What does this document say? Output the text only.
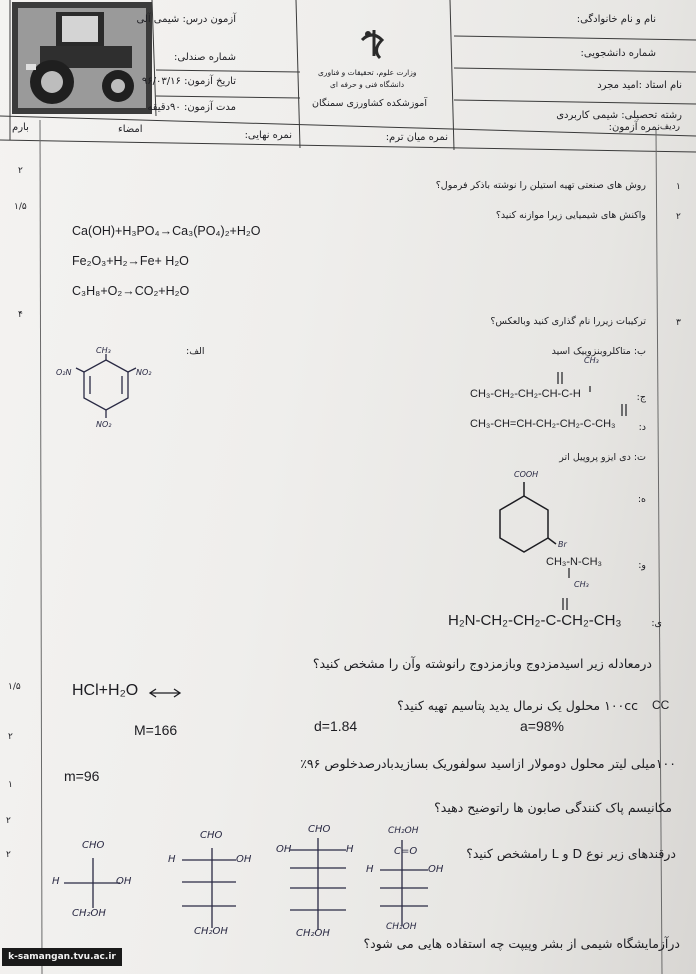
نام و نام خانوادگی:
شماره دانشجویی:
نام استاد :امید مجرد
رشته تحصیلی: شیمی کاربردی
آزمون درس: شیمی آلی
شماره صندلی:
تاریخ آزمون: ۹۶/۰۳/۱۶
مدت آزمون: ۹۰دقیقه
وزارت علوم، تحقیقات و فناوری
دانشگاه فنی و حرفه ای
آموزشکده کشاورزی سمنگان
ردیف
نمره آزمون:
نمره میان ترم:
نمره نهایی:
امضاء
بارم
۲
۱/۵
۴
۱/۵
۲
۱
۲
۲
۱
۲
۳
روش های صنعتی تهیه استیلن را نوشته باذکر فرمول؟
واکنش های شیمیایی زیرا موازنه کنید؟
Ca(OH)+H₃PO₄→Ca₃(PO₄)₂+H₂O
Fe₂O₃+H₂→Fe+ H₂O
C₃H₈+O₂→CO₂+H₂O
ترکیبات زیررا نام گذاری کنید وبالعکس؟
الف:	ب: متاکلروبنزوییک اسید
CH₃
O₂N	NO₂
NO₂
CH₃
ج:
CH₃-CH₂-CH₂-CH-C-H
د:
CH₃-CH=CH-CH₂-CH₂-C-CH₃
ت: دی ایزو پروپیل اتر
COOH
Br
ه:
و:
CH₃-N-CH₃
CH₃
ی:
H₂N-CH₂-CH₂-C-CH₂-CH₃
درمعادله زیر اسیدمزدوج وبازمزدوج رانوشته وآن را مشخص کنید؟
HCl+H₂O
۱۰۰cc محلول یک نرمال یدید پتاسیم تهیه کنید؟ CC
M=166	d=1.84	a=98%
۱۰۰میلی لیتر محلول دومولار ازاسید سولفوریک بسازیدبادرصدخلوص ۹۶٪
m=96
مکانیسم پاک کنندگی صابون ها راتوضیح دهید؟
درقندهای زیر نوع D و L رامشخص کنید؟
CHO
H	OH
CH₂OH
CHO
H	OH
CH₂OH
CHO
OH	H
CH₂OH
CH₂OH
C=O
H	OH
CH₂OH
درآزمایشگاه شیمی از بشر وپیپت چه استفاده هایی می شود؟
k-samangan.tvu.ac.ir
